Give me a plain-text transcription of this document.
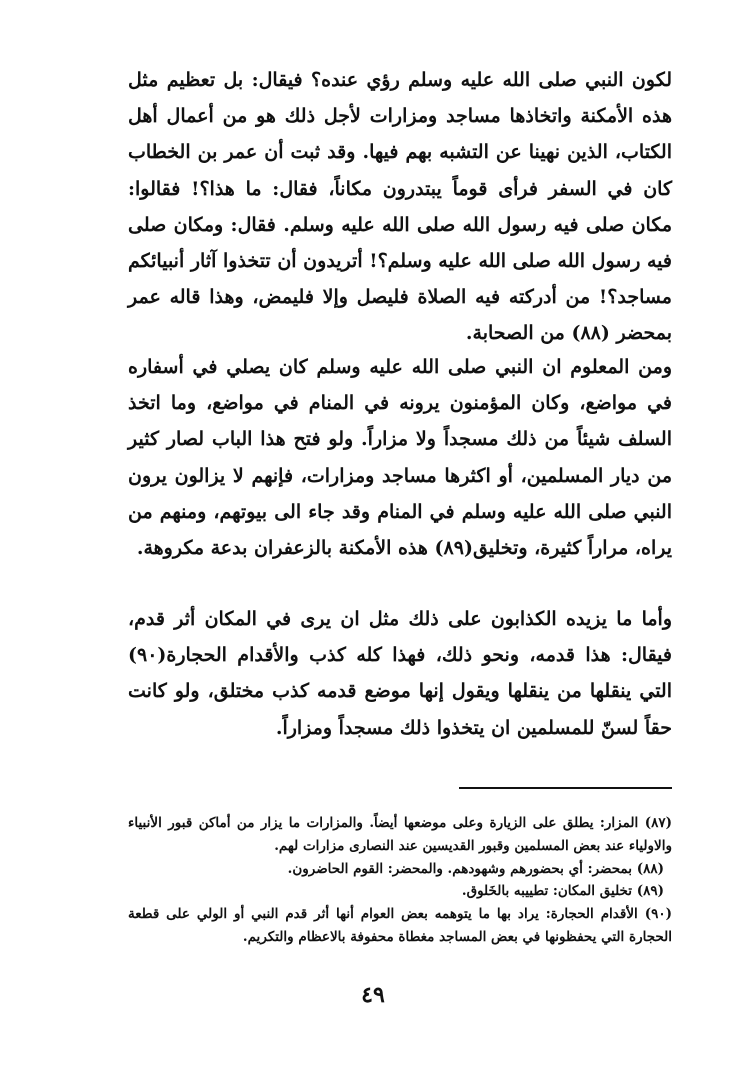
لكون النبي صلى الله عليه وسلم رؤي عنده؟ فيقال: بل تعظيم مثل هذه الأمكنة واتخاذها مساجد ومزارات لأجل ذلك هو من أعمال أهل الكتاب، الذين نهينا عن التشبه بهم فيها. وقد ثبت أن عمر بن الخطاب كان في السفر فرأى قوماً يبتدرون مكاناً، فقال: ما هذا؟! فقالوا: مكان صلى فيه رسول الله صلى الله عليه وسلم. فقال: ومكان صلى فيه رسول الله صلى الله عليه وسلم؟! أتريدون أن تتخذوا آثار أنبيائكم مساجد؟! من أدركته فيه الصلاة فليصل وإلا فليمض، وهذا قاله عمر بمحضر (٨٨) من الصحابة.

ومن المعلوم ان النبي صلى الله عليه وسلم كان يصلي في أسفاره في مواضع، وكان المؤمنون يرونه في المنام في مواضع، وما اتخذ السلف شيئاً من ذلك مسجداً ولا مزاراً. ولو فتح هذا الباب لصار كثير من ديار المسلمين، أو اكثرها مساجد ومزارات، فإنهم لا يزالون يرون النبي صلى الله عليه وسلم في المنام وقد جاء الى بيوتهم، ومنهم من يراه، مراراً كثيرة، وتخليق(٨٩) هذه الأمكنة بالزعفران بدعة مكروهة.

وأما ما يزيده الكذابون على ذلك مثل ان يرى في المكان أثر قدم، فيقال: هذا قدمه، ونحو ذلك، فهذا كله كذب والأقدام الحجارة(٩٠) التي ينقلها من ينقلها ويقول إنها موضع قدمه كذب مختلق، ولو كانت حقاً لسنّ للمسلمين ان يتخذوا ذلك مسجداً ومزاراً.

(٨٧) المزار: يطلق على الزيارة وعلى موضعها أيضاً. والمزارات ما يزار من أماكن قبور الأنبياء والاولياء عند بعض المسلمين وقبور القديسين عند النصارى مزارات لهم.

(٨٨) بمحضر: أي بحضورهم وشهودهم. والمحضر: القوم الحاضرون.

(٨٩) تخليق المكان: تطييبه بالخَلوق.

(٩٠) الأقدام الحجارة: يراد بها ما يتوهمه بعض العوام أنها أثر قدم النبي أو الولي على قطعة الحجارة التي يحفظونها في بعض المساجد مغطاة محفوفة بالاعظام والتكريم.

٤٩
